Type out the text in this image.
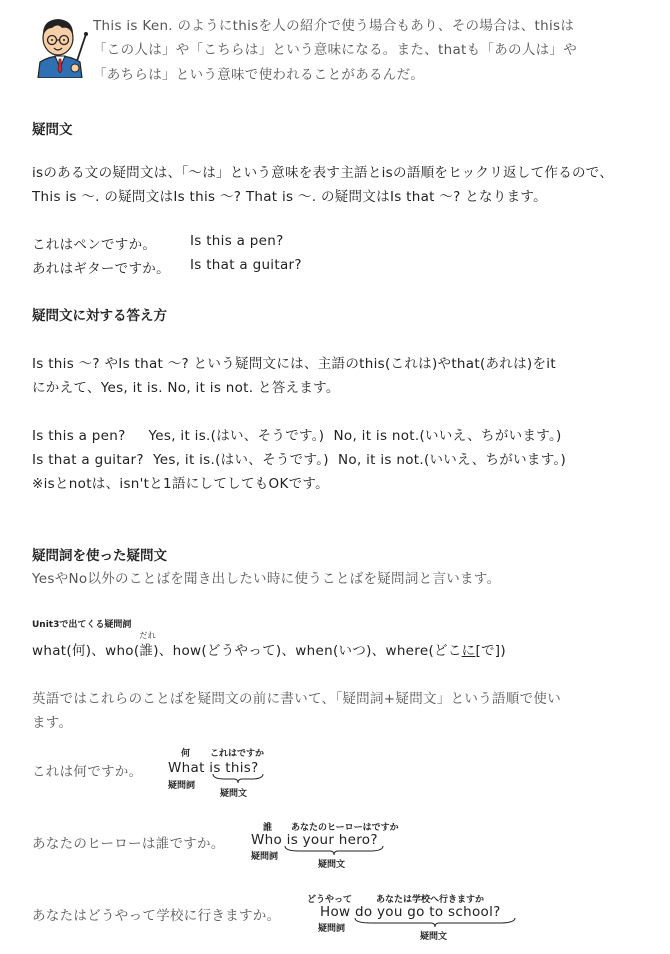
This is Ken. のようにthisを人の紹介で使う場合もあり、その場合は、thisは
「この人は」や「こちらは」という意味になる。また、thatも「あの人は」や
「あちらは」という意味で使われることがあるんだ。
疑問文
isのある文の疑問文は、「～は」という意味を表す主語とisの語順をヒックリ返して作るので、
This is ～. の疑問文はIs this ～? That is ～. の疑問文はIs that ～? となります。
これはペンですか。	Is this a pen?
あれはギターですか。 Is that a guitar?
疑問文に対する答え方
Is this ～? やIs that ～? という疑問文には、主語のthis(これは)やthat(あれは)をit
にかえて、Yes, it is. No, it is not. と答えます。
Is this a pen?     Yes, it is.(はい、そうです。)  No, it is not.(いいえ、ちがいます。)
Is that a guitar?  Yes, it is.(はい、そうです。)  No, it is not.(いいえ、ちがいます。)
※isとnotは、isn'tと1語にしてしてもOKです。
疑問詞を使った疑問文
YesやNo以外のことばを聞き出したい時に使うことばを疑問詞と言います。
Unit3で出てくる疑問詞
what(何)、who(
だれ
誰)、how(どうやって)、when(いつ)、where(どこに[で])
英語ではこれらのことばを疑問文の前に書いて、「疑問詞+疑問文」という語順で使い
ます。
これは何ですか。
何 これはですか
What is this?
疑問詞
疑問文
あなたのヒーローは誰ですか。
誰 あなたのヒーローはですか
Who is your hero?
疑問詞
疑問文
あなたはどうやって学校に行きますか。
どうやって	あなたは学校へ行きますか
How do you go to school?
疑問詞
疑問文
